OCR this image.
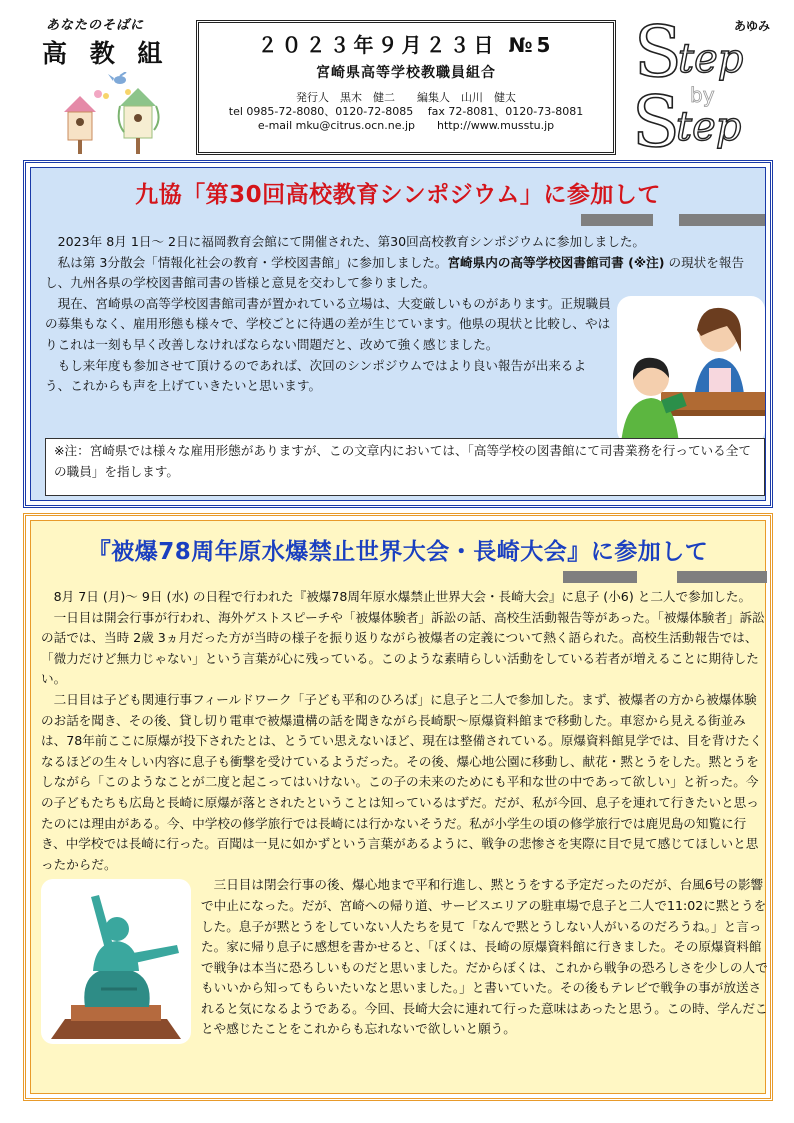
あなたのそばに
高 教 組	２０２３年９月２３日 №5
宮崎県高等学校教職員組合
発行人　黒木　健二　　編集人　山川　健太
tel 0985-72-8080、0120-72-8085　 fax 72-8081、0120-73-8081
e-mail mku@citrus.ocn.ne.jp　　http://www.musstu.jp
S
tep
by
S
tep
あゆみ
九協「第30回高校教育シンポジウム」に参加して

2023年 8月 1日～ 2日に福岡教育会館にて開催された、第30回高校教育シンポジウムに参加しました。

私は第 3分散会「情報化社会の教育・学校図書館」に参加しました。宮崎県内の高等学校図書館司書 (※注) の現状を報告し、九州各県の学校図書館司書の皆様と意見を交わして参りました。

現在、宮崎県の高等学校図書館司書が置かれている立場は、大変厳しいものがあります。正規職員の募集もなく、雇用形態も様々で、学校ごとに待遇の差が生じています。他県の現状と比較し、やはりこれは一刻も早く改善しなければならない問題だと、改めて強く感じました。

もし来年度も参加させて頂けるのであれば、次回のシンポジウムではより良い報告が出来るよう、これからも声を上げていきたいと思います。

※注：宮崎県では様々な雇用形態がありますが、この文章内においては、「高等学校の図書館にて司書業務を行っている全ての職員」を指します。
『被爆78周年原水爆禁止世界大会・長崎大会』に参加して

8月 7日 (月)～ 9日 (水) の日程で行われた『被爆78周年原水爆禁止世界大会・長崎大会』に息子 (小6) と二人で参加した。

一日目は開会行事が行われ、海外ゲストスピーチや「被爆体験者」訴訟の話、高校生活動報告等があった。「被爆体験者」訴訟の話では、当時 2歳 3ヵ月だった方が当時の様子を振り返りながら被爆者の定義について熱く語られた。高校生活動報告では、「微力だけど無力じゃない」という言葉が心に残っている。このような素晴らしい活動をしている若者が増えることに期待したい。

二日目は子ども関連行事フィールドワーク「子ども平和のひろば」に息子と二人で参加した。まず、被爆者の方から被爆体験のお話を聞き、その後、貸し切り電車で被爆遺構の話を聞きながら長崎駅～原爆資料館まで移動した。車窓から見える街並みは、78年前ここに原爆が投下されたとは、とうてい思えないほど、現在は整備されている。原爆資料館見学では、目を背けたくなるほどの生々しい内容に息子も衝撃を受けているようだった。その後、爆心地公園に移動し、献花・黙とうをした。黙とうをしながら「このようなことが二度と起こってはいけない。この子の未来のためにも平和な世の中であって欲しい」と祈った。今の子どもたちも広島と長崎に原爆が落とされたということは知っているはずだ。だが、私が今回、息子を連れて行きたいと思ったのには理由がある。今、中学校の修学旅行では長崎には行かないそうだ。私が小学生の頃の修学旅行では鹿児島の知覧に行き、中学校では長崎に行った。百聞は一見に如かずという言葉があるように、戦争の悲惨さを実際に目で見て感じてほしいと思ったからだ。

三日目は閉会行事の後、爆心地まで平和行進し、黙とうをする予定だったのだが、台風6号の影響で中止になった。だが、宮崎への帰り道、サービスエリアの駐車場で息子と二人で11:02に黙とうをした。息子が黙とうをしていない人たちを見て「なんで黙とうしない人がいるのだろうね。」と言った。家に帰り息子に感想を書かせると、「ぼくは、長崎の原爆資料館に行きました。その原爆資料館で戦争は本当に恐ろしいものだと思いました。だからぼくは、これから戦争の恐ろしさを少しの人でもいいから知ってもらいたいなと思いました。」と書いていた。その後もテレビで戦争の事が放送されると気になるようである。今回、長崎大会に連れて行った意味はあったと思う。この時、学んだことや感じたことをこれからも忘れないで欲しいと願う。
